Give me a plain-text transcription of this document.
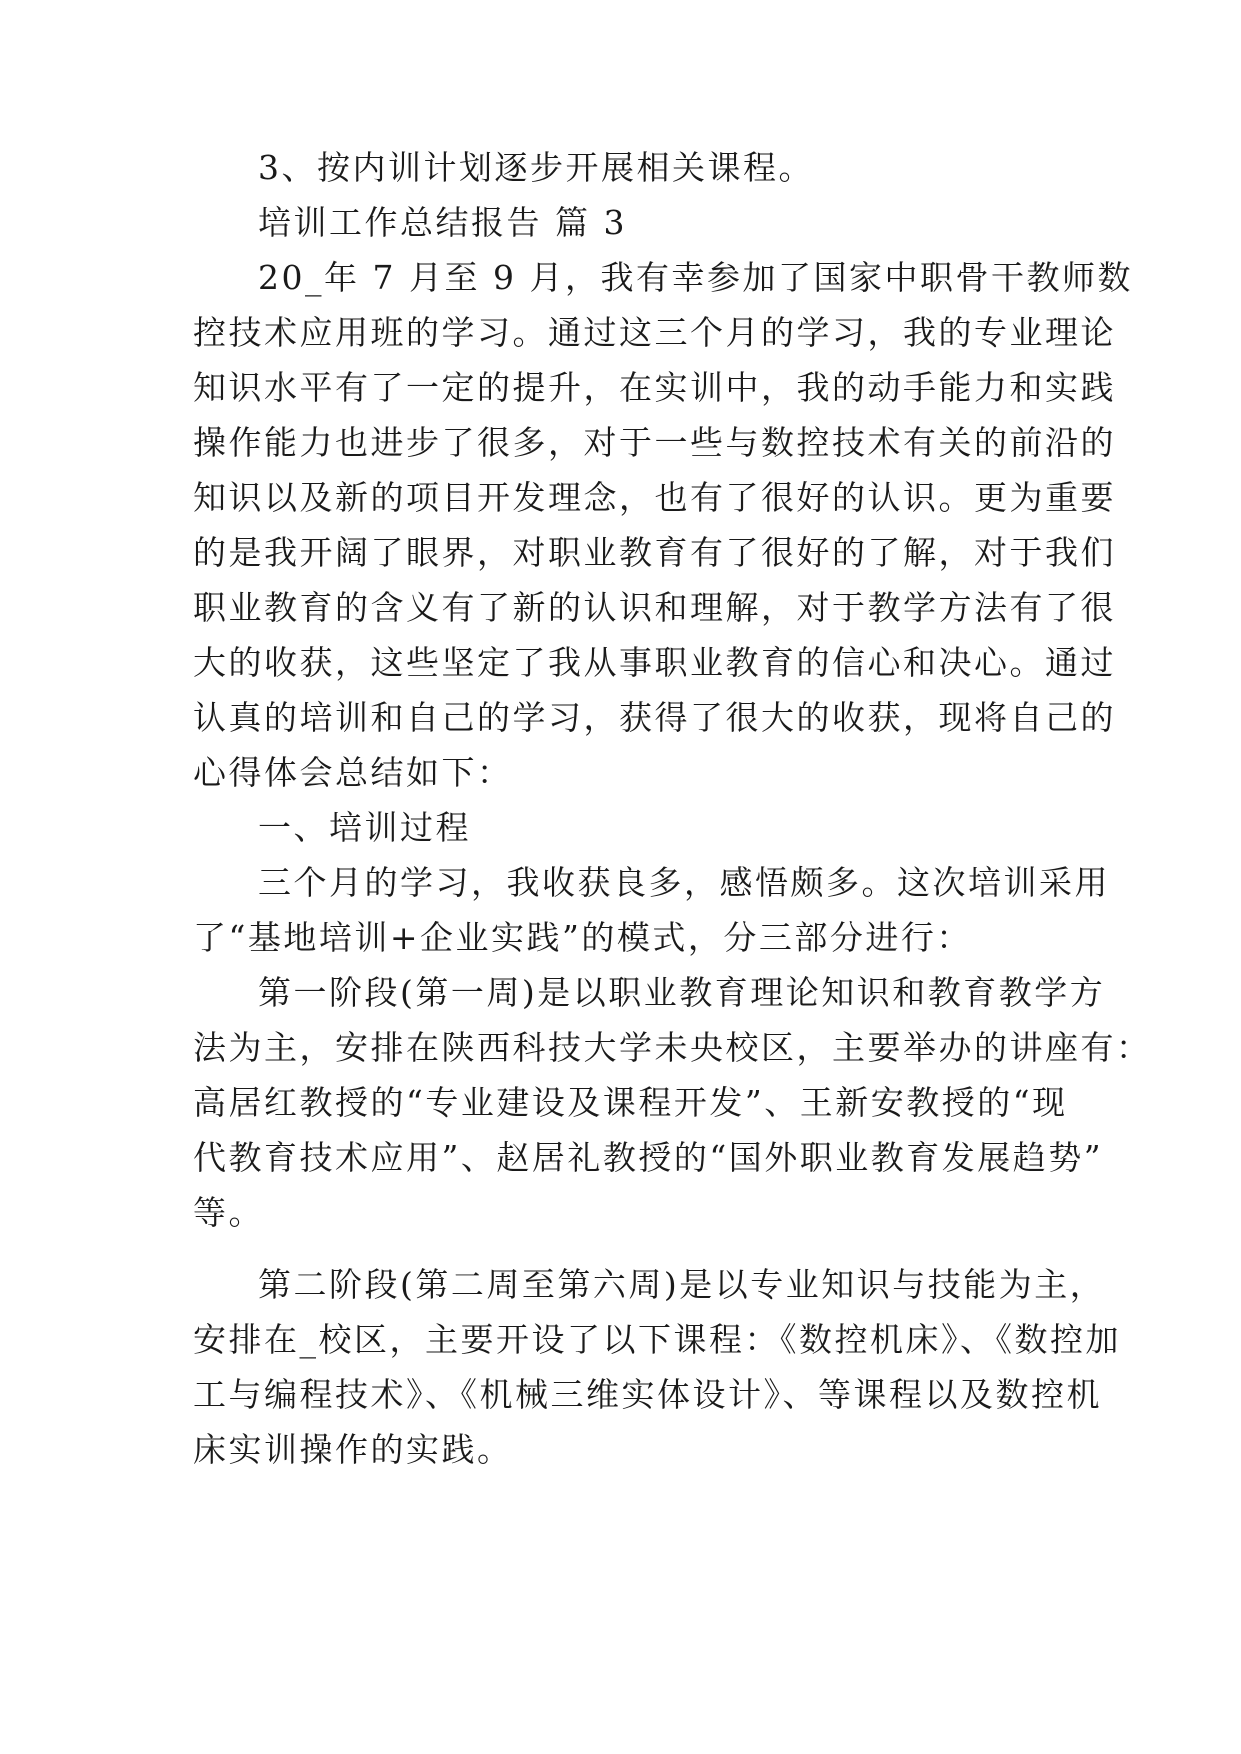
3、按内训计划逐步开展相关课程。
培训工作总结报告 篇 3
20_年 7 月至 9 月，我有幸参加了国家中职骨干教师数
控技术应用班的学习。通过这三个月的学习，我的专业理论
知识水平有了一定的提升，在实训中，我的动手能力和实践
操作能力也进步了很多，对于一些与数控技术有关的前沿的
知识以及新的项目开发理念，也有了很好的认识。更为重要
的是我开阔了眼界，对职业教育有了很好的了解，对于我们
职业教育的含义有了新的认识和理解，对于教学方法有了很
大的收获，这些坚定了我从事职业教育的信心和决心。通过
认真的培训和自己的学习，获得了很大的收获，现将自己的
心得体会总结如下：
一、培训过程
三个月的学习，我收获良多，感悟颇多。这次培训采用
了“基地培训+企业实践”的模式，分三部分进行：
第一阶段(第一周)是以职业教育理论知识和教育教学方
法为主，安排在陕西科技大学未央校区，主要举办的讲座有：
高居红教授的“专业建设及课程开发”、王新安教授的“现
代教育技术应用”、赵居礼教授的“国外职业教育发展趋势”
等。
第二阶段(第二周至第六周)是以专业知识与技能为主，
安排在_校区，主要开设了以下课程：《数控机床》、《数控加
工与编程技术》、《机械三维实体设计》、等课程以及数控机
床实训操作的实践。
